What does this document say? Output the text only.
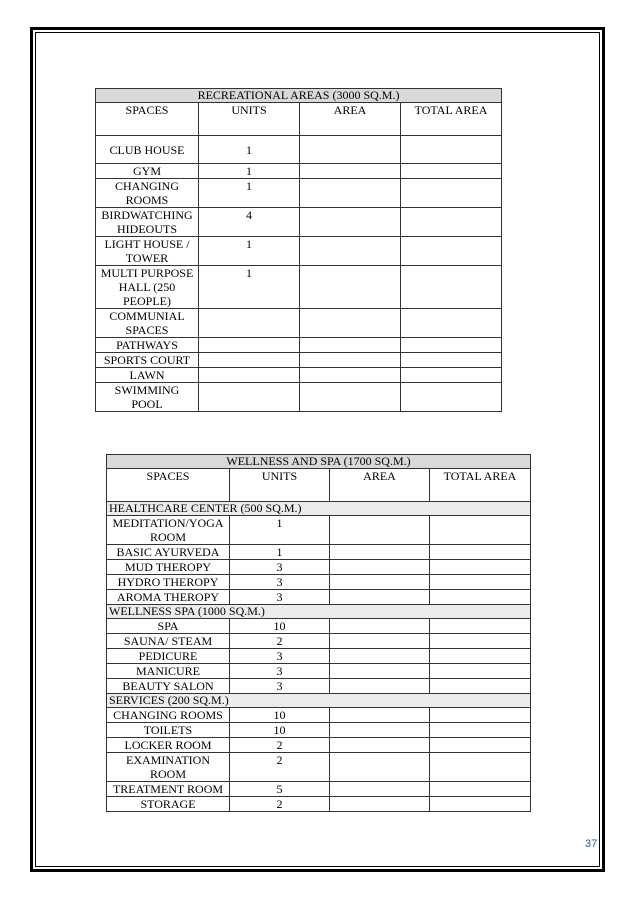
RECREATIONAL AREAS (3000 SQ.M.)			
SPACES	UNITS	AREA	TOTAL AREA
CLUB HOUSE	1		
GYM	1		
CHANGING ROOMS	1		
BIRDWATCHING HIDEOUTS	4		
LIGHT HOUSE / TOWER	1		
MULTI PURPOSE HALL (250 PEOPLE)	1		
COMMUNIAL SPACES			
PATHWAYS			
SPORTS COURT			
LAWN			
SWIMMING POOL			
WELLNESS AND SPA (1700 SQ.M.)			
SPACES	UNITS	AREA	TOTAL AREA
HEALTHCARE CENTER (500 SQ.M.)			
MEDITATION/YOGA ROOM	1		
BASIC AYURVEDA	1		
MUD THEROPY	3		
HYDRO THEROPY	3		
AROMA THEROPY	3		
WELLNESS SPA (1000 SQ.M.)			
SPA	10		
SAUNA/ STEAM	2		
PEDICURE	3		
MANICURE	3		
BEAUTY SALON	3		
SERVICES (200 SQ.M.)			
CHANGING ROOMS	10		
TOILETS	10		
LOCKER ROOM	2		
EXAMINATION ROOM	2		
TREATMENT ROOM	5		
STORAGE	2		
37
